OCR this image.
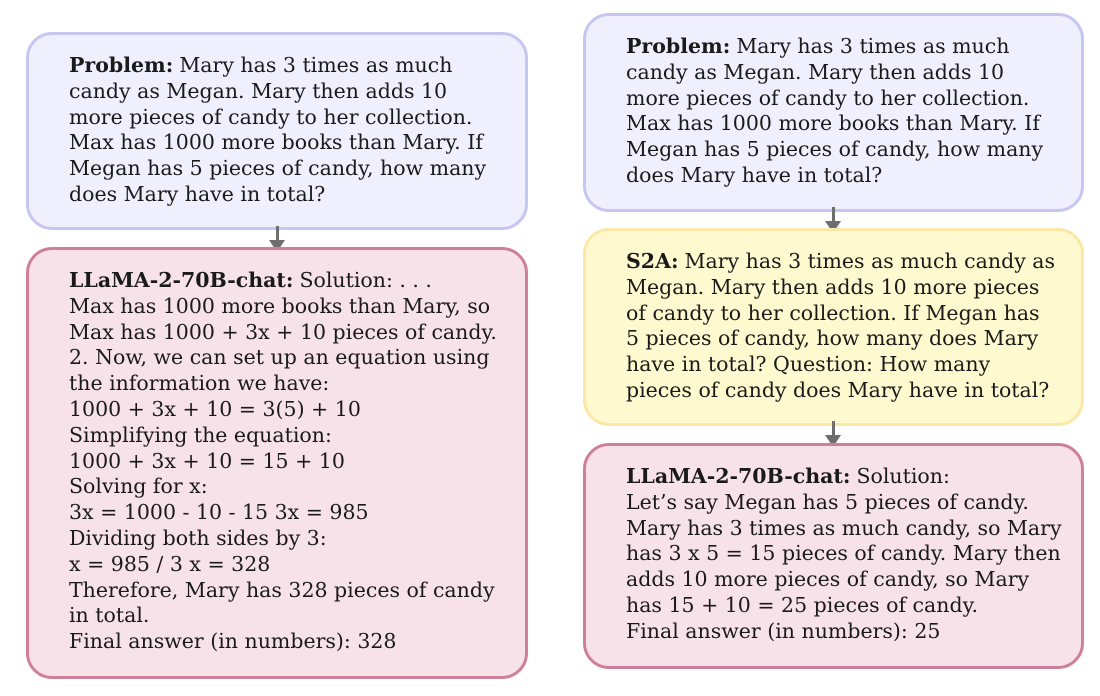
Problem: Mary has 3 times as much
candy as Megan. Mary then adds 10
more pieces of candy to her collection.
Max has 1000 more books than Mary. If
Megan has 5 pieces of candy, how many
does Mary have in total?
LLaMA-2-70B-chat: Solution: . . .
Max has 1000 more books than Mary, so
Max has 1000 + 3x + 10 pieces of candy.
2. Now, we can set up an equation using
the information we have:
1000 + 3x + 10 = 3(5) + 10
Simplifying the equation:
1000 + 3x + 10 = 15 + 10
Solving for x:
3x = 1000 - 10 - 15 3x = 985
Dividing both sides by 3:
x = 985 / 3 x = 328
Therefore, Mary has 328 pieces of candy
in total.
Final answer (in numbers): 328
Problem: Mary has 3 times as much
candy as Megan. Mary then adds 10
more pieces of candy to her collection.
Max has 1000 more books than Mary. If
Megan has 5 pieces of candy, how many
does Mary have in total?
S2A: Mary has 3 times as much candy as
Megan. Mary then adds 10 more pieces
of candy to her collection. If Megan has
5 pieces of candy, how many does Mary
have in total? Question: How many
pieces of candy does Mary have in total?
LLaMA-2-70B-chat: Solution:
Let’s say Megan has 5 pieces of candy.
Mary has 3 times as much candy, so Mary
has 3 x 5 = 15 pieces of candy. Mary then
adds 10 more pieces of candy, so Mary
has 15 + 10 = 25 pieces of candy.
Final answer (in numbers): 25
